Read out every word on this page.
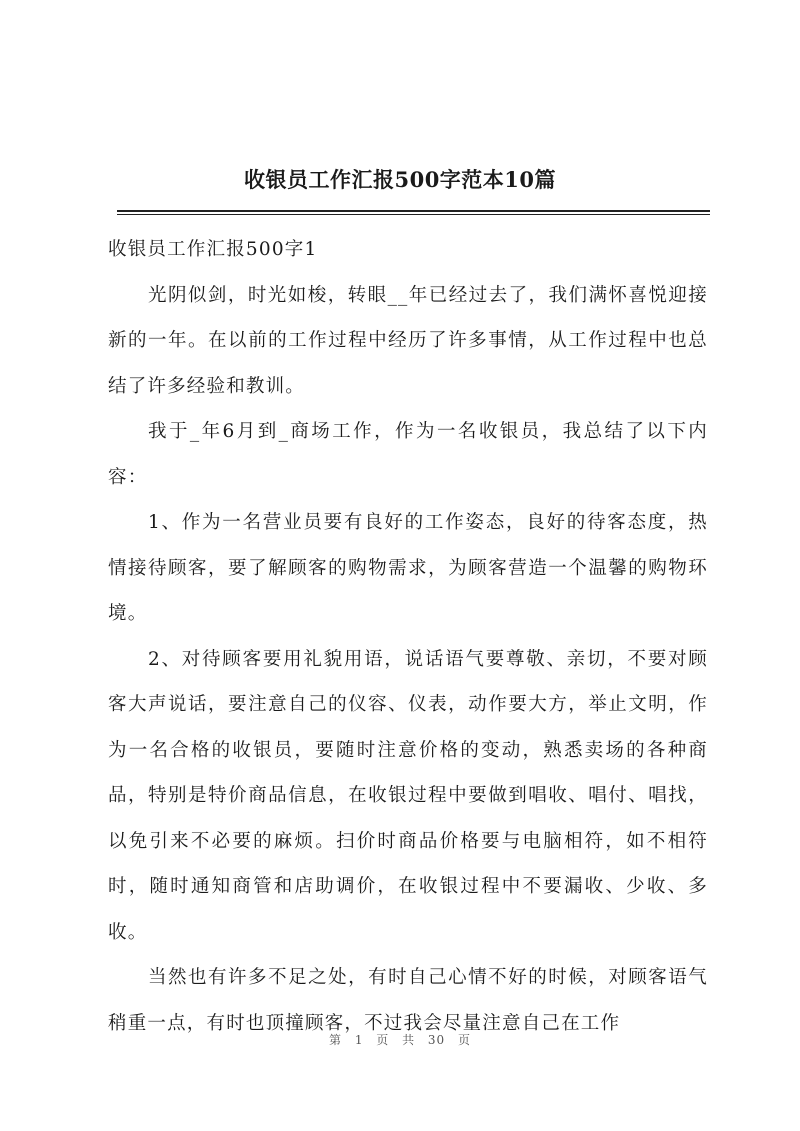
收银员工作汇报500字范本10篇

收银员工作汇报500字1

光阴似剑，时光如梭，转眼__年已经过去了，我们满怀喜悦迎接新的一年。在以前的工作过程中经历了许多事情，从工作过程中也总结了许多经验和教训。

我于_年6月到_商场工作，作为一名收银员，我总结了以下内容：

1、作为一名营业员要有良好的工作姿态，良好的待客态度，热情接待顾客，要了解顾客的购物需求，为顾客营造一个温馨的购物环境。

2、对待顾客要用礼貌用语，说话语气要尊敬、亲切，不要对顾客大声说话，要注意自己的仪容、仪表，动作要大方，举止文明，作为一名合格的收银员，要随时注意价格的变动，熟悉卖场的各种商品，特别是特价商品信息，在收银过程中要做到唱收、唱付、唱找，以免引来不必要的麻烦。扫价时商品价格要与电脑相符，如不相符时，随时通知商管和店助调价，在收银过程中不要漏收、少收、多收。

当然也有许多不足之处，有时自己心情不好的时候，对顾客语气稍重一点，有时也顶撞顾客，不过我会尽量注意自己在工作

第 1 页 共 30 页
